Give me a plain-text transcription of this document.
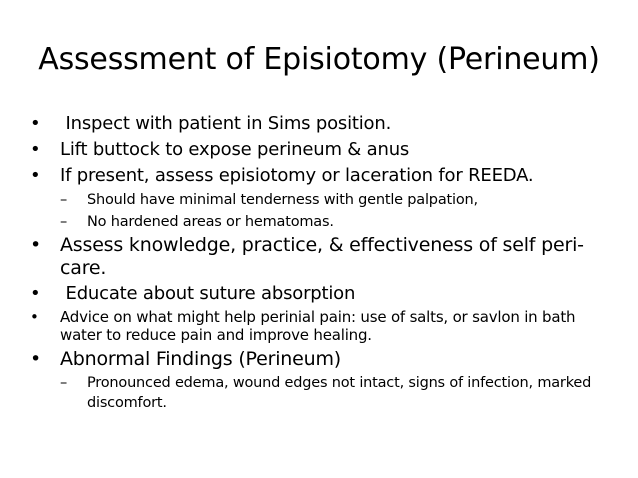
Assessment of Episiotomy (Perineum)
•	Inspect with patient in Sims position.
•	Lift buttock to expose perineum & anus
•	If present, assess episiotomy or laceration for REEDA.
–	Should have minimal tenderness with gentle palpation,
–	No hardened areas or hematomas.
• Assess knowledge, practice, & effectiveness of self peri-care.
•	Educate about suture absorption
•	Advice on what might help perinial pain: use of salts, or savlon in bath water to reduce pain and improve healing.
• Abnormal Findings (Perineum)
–	Pronounced edema, wound edges not intact, signs of infection, marked discomfort.
